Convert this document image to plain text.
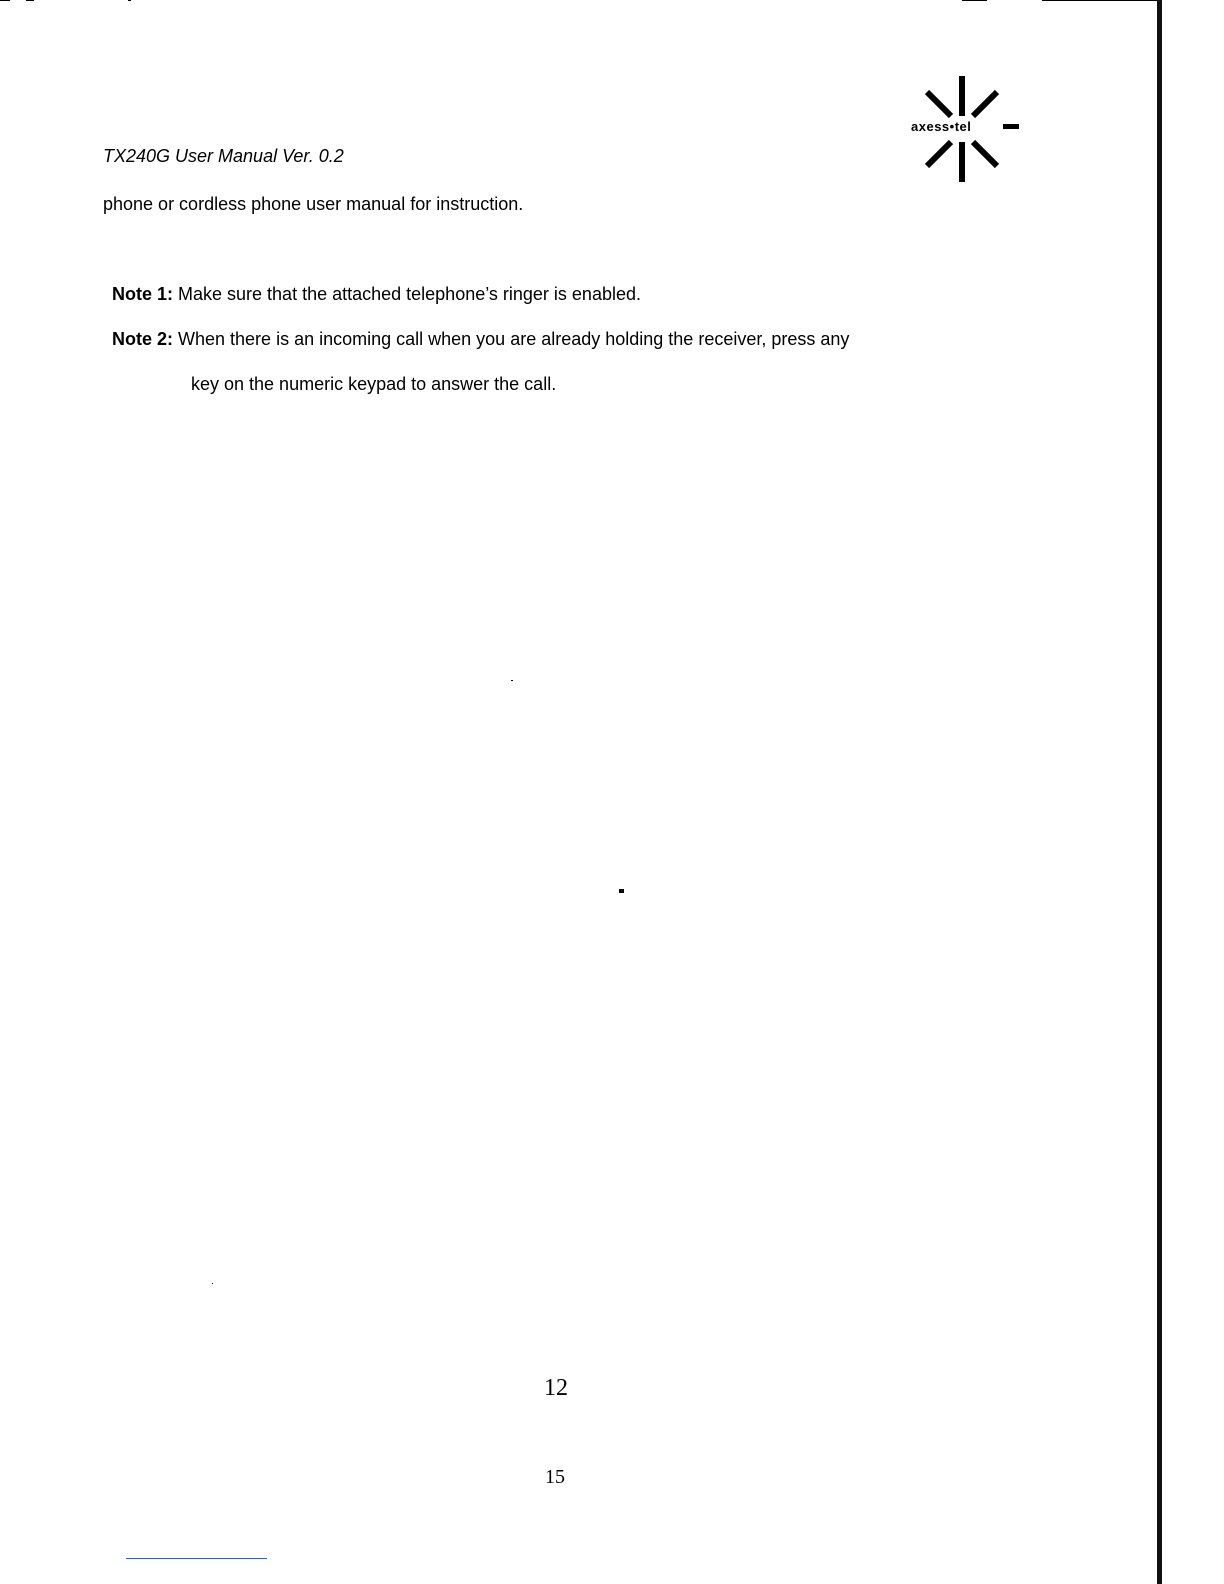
TX240G User Manual Ver. 0.2
axess•tel
phone or cordless phone user manual for instruction.
Note 1: Make sure that the attached telephone’s ringer is enabled.
Note 2: When there is an incoming call when you are already holding the receiver, press any
key on the numeric keypad to answer the call.
12
15
